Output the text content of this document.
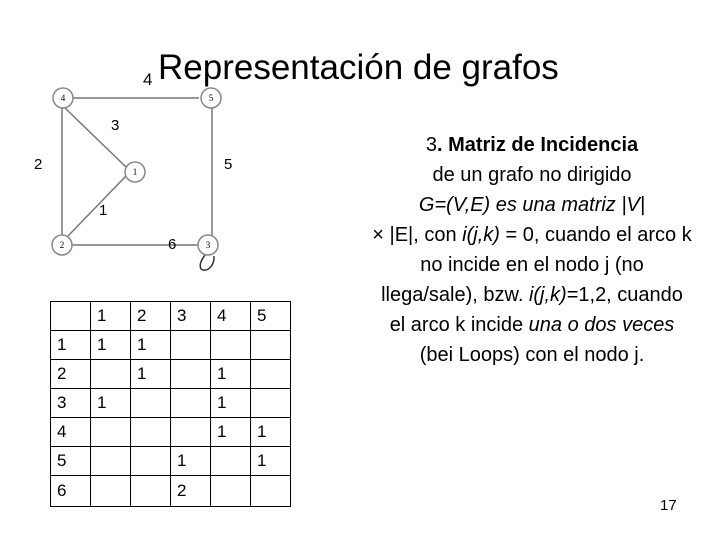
Representación de grafos
4
4	5
1
2	3
3
2	5
1
6
	1	2	3	4	5
1	1	1			
2		1		1	
3	1			1	
4				1	1
5			1		1
6			2		

3. Matriz de Incidencia

de un grafo no dirigido
G=(V,E) es una matriz |V|
× |E|, con i(j,k) = 0, cuando el arco k no incide en el nodo j (no llega/sale), bzw. i(j,k)=1,2, cuando el arco k incide una o dos veces (bei Loops) con el nodo j.

17
